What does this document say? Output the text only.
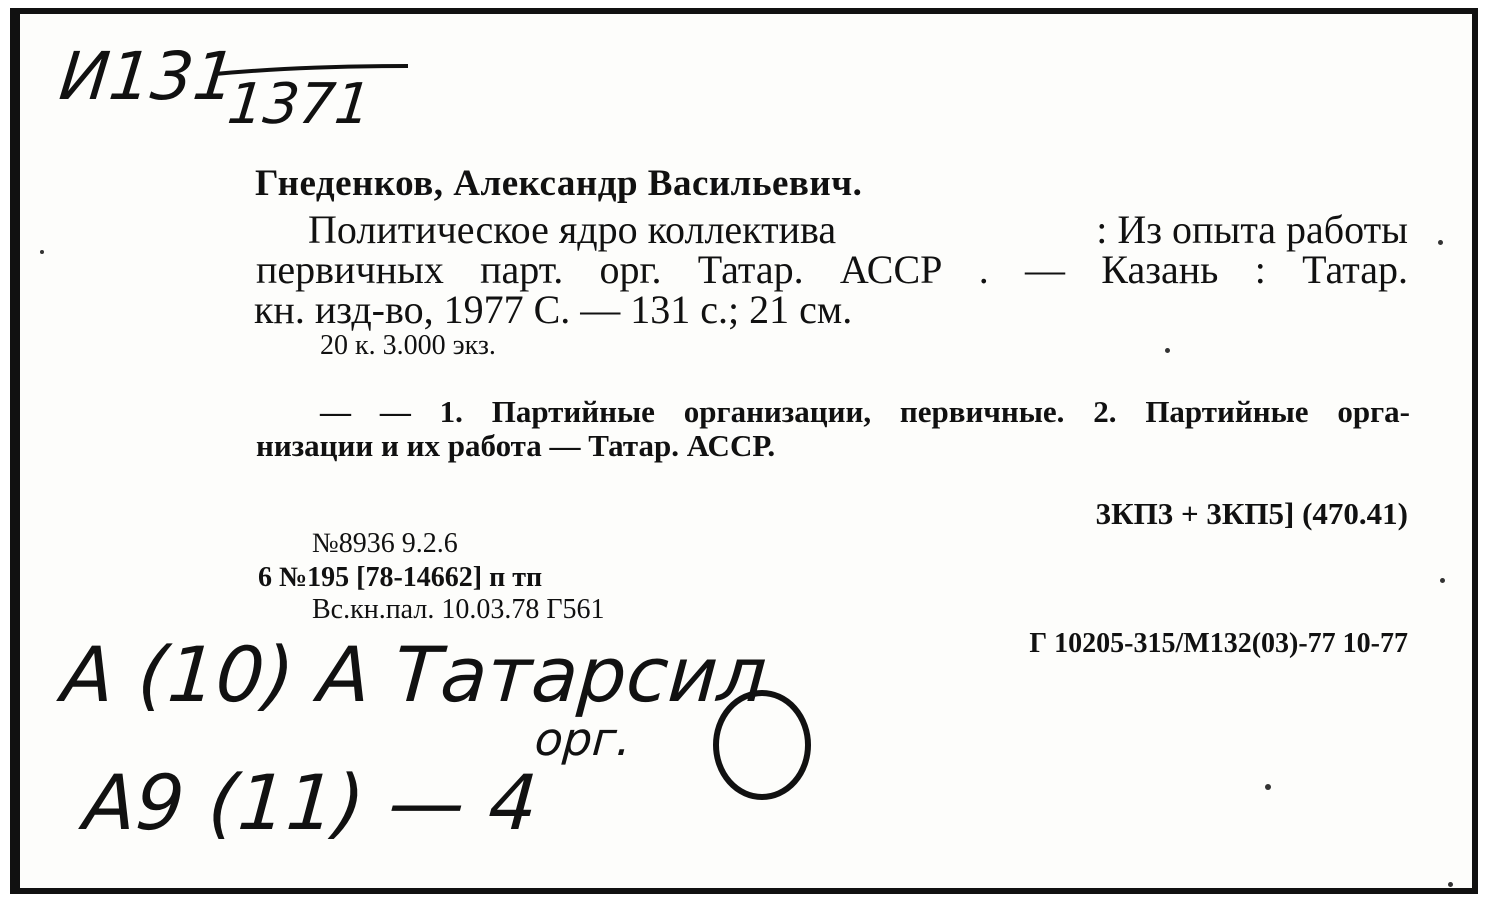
И131
1371
Гнеденков, Александр Васильевич.
Политическое ядро коллектива	: Из опыта работы
первичных парт. орг. Татар. АССР . — Казань : Татар.
кн. изд-во, 1977 С. — 131 с.; 21 см.
20 к. 3.000 экз.
— — 1. Партийные организации, первичные. 2. Партийные орга-
низации и их работа — Татар. АССР.
3КП3 + 3КП5] (470.41)
№8936 9.2.6
6 №195 [78-14662] п тп
Вс.кн.пал. 10.03.78 Г561
Г 10205-315/М132(03)-77 10-77
А (10) А Татарсил
орг.
А9 (11) — 4
